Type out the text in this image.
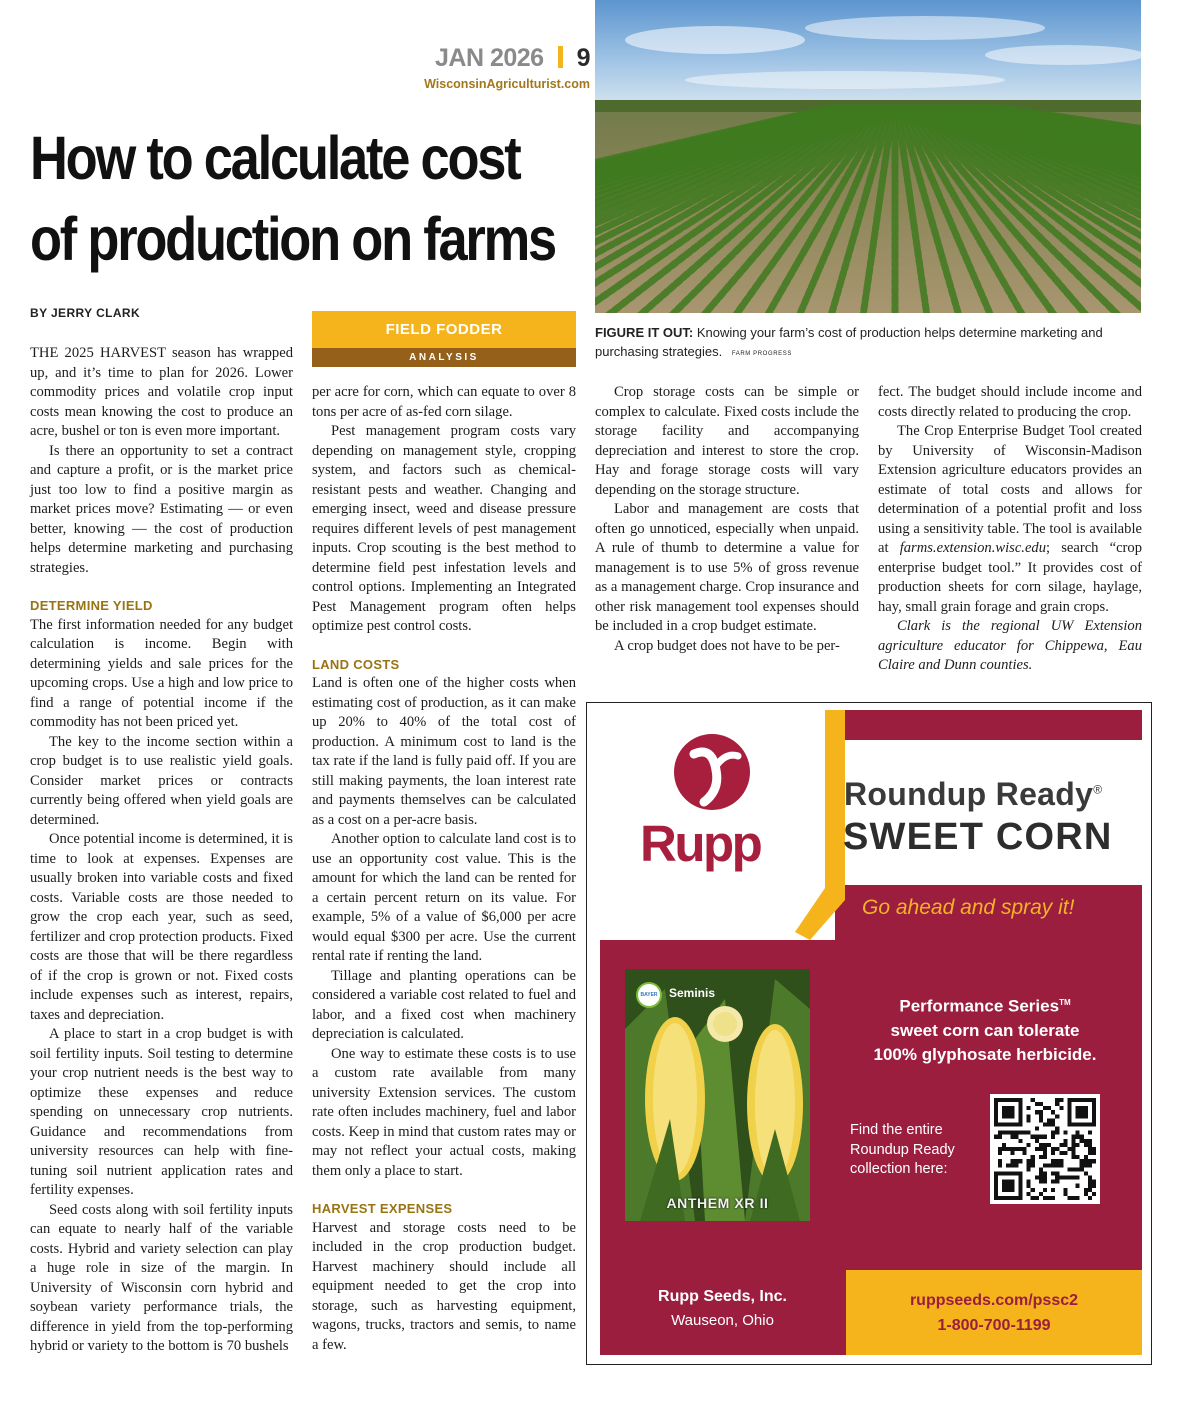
JAN 2026 9
WisconsinAgriculturist.com
How to calculate cost
of production on farms
FIGURE IT OUT: Knowing your farm’s cost of production helps determine marketing and purchasing strategies. FARM PROGRESS
BY JERRY CLARK
FIELD FODDER
ANALYSIS

THE 2025 HARVEST season has wrapped up, and it’s time to plan for 2026. Lower commodity prices and volatile crop input costs mean knowing the cost to produce an acre, bushel or ton is even more important.

Is there an opportunity to set a contract and capture a profit, or is the market price just too low to find a positive margin as market prices move? Estimating — or even better, knowing — the cost of production helps determine marketing and purchasing strategies.

DETERMINE YIELD

The first information needed for any budget calculation is income. Begin with determining yields and sale prices for the upcoming crops. Use a high and low price to find a range of potential income if the commodity has not been priced yet.

The key to the income section within a crop budget is to use realistic yield goals. Consider market prices or contracts currently being offered when yield goals are determined.

Once potential income is determined, it is time to look at expenses. Expenses are usually broken into variable costs and fixed costs. Variable costs are those needed to grow the crop each year, such as seed, fertilizer and crop protection products. Fixed costs are those that will be there regardless of if the crop is grown or not. Fixed costs include expenses such as interest, repairs, taxes and depreciation.

A place to start in a crop budget is with soil fertility inputs. Soil testing to determine your crop nutrient needs is the best way to optimize these expenses and reduce spending on unnecessary crop nutrients. Guidance and recommendations from university resources can help with fine-tuning soil nutrient application rates and fertility expenses.

Seed costs along with soil fertility inputs can equate to nearly half of the variable costs. Hybrid and variety selection can play a huge role in size of the margin. In University of Wisconsin corn hybrid and soybean variety performance trials, the difference in yield from the top-performing hybrid or variety to the bottom is 70 bushels

per acre for corn, which can equate to over 8 tons per acre of as-fed corn silage.

Pest management program costs vary depending on management style, cropping system, and factors such as chemical-resistant pests and weather. Changing and emerging insect, weed and disease pressure requires different levels of pest management inputs. Crop scouting is the best method to determine field pest infestation levels and control options. Implementing an Integrated Pest Management program often helps optimize pest control costs.

LAND COSTS

Land is often one of the higher costs when estimating cost of production, as it can make up 20% to 40% of the total cost of production. A minimum cost to land is the tax rate if the land is fully paid off. If you are still making payments, the loan interest rate and payments themselves can be calculated as a cost on a per-acre basis.

Another option to calculate land cost is to use an opportunity cost value. This is the amount for which the land can be rented for a certain percent return on its value. For example, 5% of a value of $6,000 per acre would equal $300 per acre. Use the current rental rate if renting the land.

Tillage and planting operations can be considered a variable cost related to fuel and labor, and a fixed cost when machinery depreciation is calculated.

One way to estimate these costs is to use a custom rate available from many university Extension services. The custom rate often includes machinery, fuel and labor costs. Keep in mind that custom rates may or may not reflect your actual costs, making them only a place to start.

HARVEST EXPENSES

Harvest and storage costs need to be included in the crop production budget. Harvest machinery should include all equipment needed to get the crop into storage, such as harvesting equipment, wagons, trucks, tractors and semis, to name a few.

Crop storage costs can be simple or complex to calculate. Fixed costs include the storage facility and accompanying depreciation and interest to store the crop. Hay and forage storage costs will vary depending on the storage structure.

Labor and management are costs that often go unnoticed, especially when unpaid. A rule of thumb to determine a value for management is to use 5% of gross revenue as a management charge. Crop insurance and other risk management tool expenses should be included in a crop budget estimate.

A crop budget does not have to be per-

fect. The budget should include income and costs directly related to producing the crop.

The Crop Enterprise Budget Tool created by University of Wisconsin-Madison Extension agriculture educators provides an estimate of total costs and allows for determination of a potential profit and loss using a sensitivity table. The tool is available at farms.extension.wisc.edu; search “crop enterprise budget tool.” It provides cost of production sheets for corn silage, haylage, hay, small grain forage and grain crops.

Clark is the regional UW Extension agriculture educator for Chippewa, Eau Claire and Dunn counties.

Rupp
Roundup Ready®
SWEET CORN
Go ahead and spray it!
BAYER Seminis
ANTHEM XR II
Performance Series™
sweet corn can tolerate
100% glyphosate herbicide.
Find the entire Roundup Ready collection here:
Rupp Seeds, Inc.
Wauseon, Ohio
ruppseeds.com/pssc2
1-800-700-1199
